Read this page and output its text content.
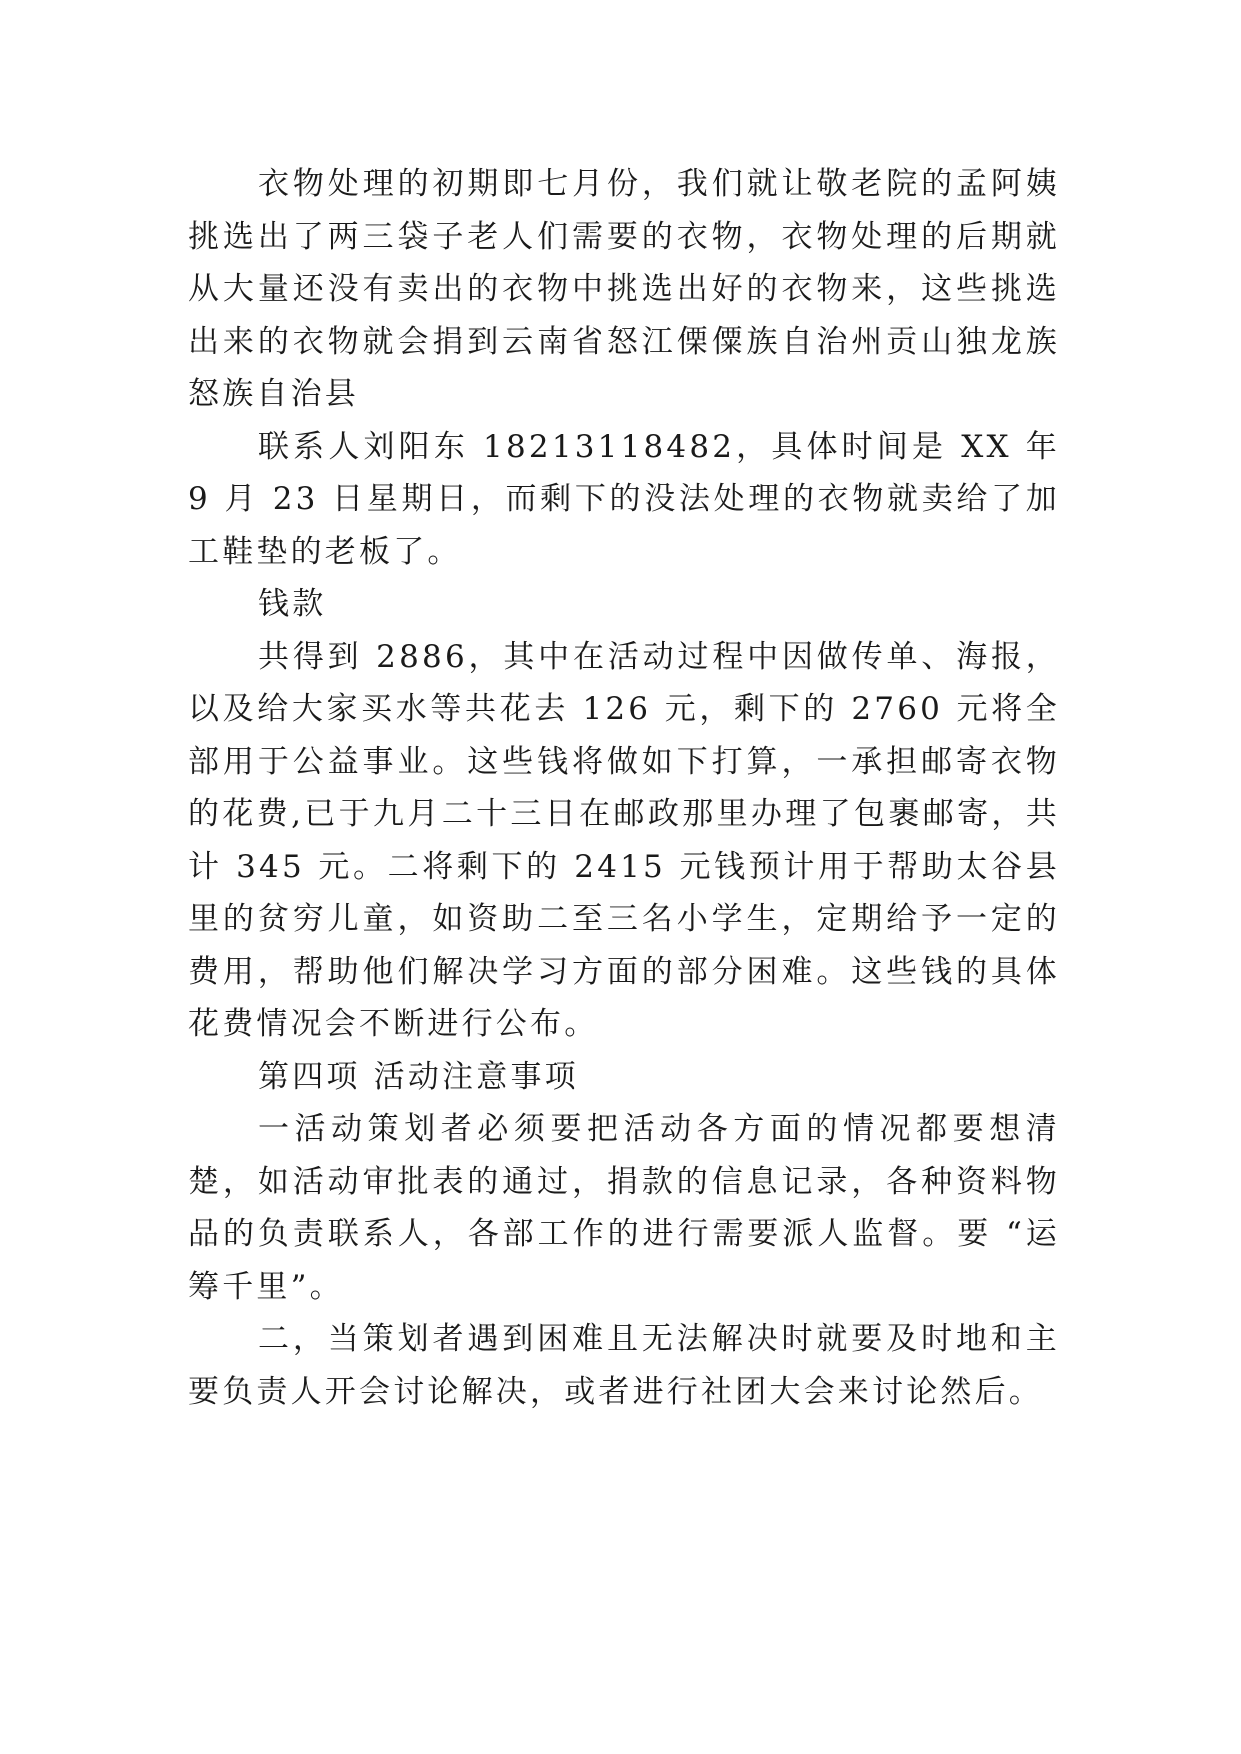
衣物处理的初期即七月份，我们就让敬老院的孟阿姨挑选出了两三袋子老人们需要的衣物，衣物处理的后期就从大量还没有卖出的衣物中挑选出好的衣物来，这些挑选出来的衣物就会捐到云南省怒江傈僳族自治州贡山独龙族怒族自治县

联系人刘阳东 18213118482，具体时间是 XX 年 9 月 23 日星期日，而剩下的没法处理的衣物就卖给了加工鞋垫的老板了。

钱款

共得到 2886，其中在活动过程中因做传单、海报，以及给大家买水等共花去 126 元，剩下的 2760 元将全部用于公益事业。这些钱将做如下打算，一承担邮寄衣物的花费,已于九月二十三日在邮政那里办理了包裹邮寄，共计 345 元。二将剩下的 2415 元钱预计用于帮助太谷县里的贫穷儿童，如资助二至三名小学生，定期给予一定的费用，帮助他们解决学习方面的部分困难。这些钱的具体花费情况会不断进行公布。

第四项 活动注意事项

一活动策划者必须要把活动各方面的情况都要想清楚，如活动审批表的通过，捐款的信息记录，各种资料物品的负责联系人，各部工作的进行需要派人监督。要 “运筹千里”。

二，当策划者遇到困难且无法解决时就要及时地和主要负责人开会讨论解决，或者进行社团大会来讨论然后。
